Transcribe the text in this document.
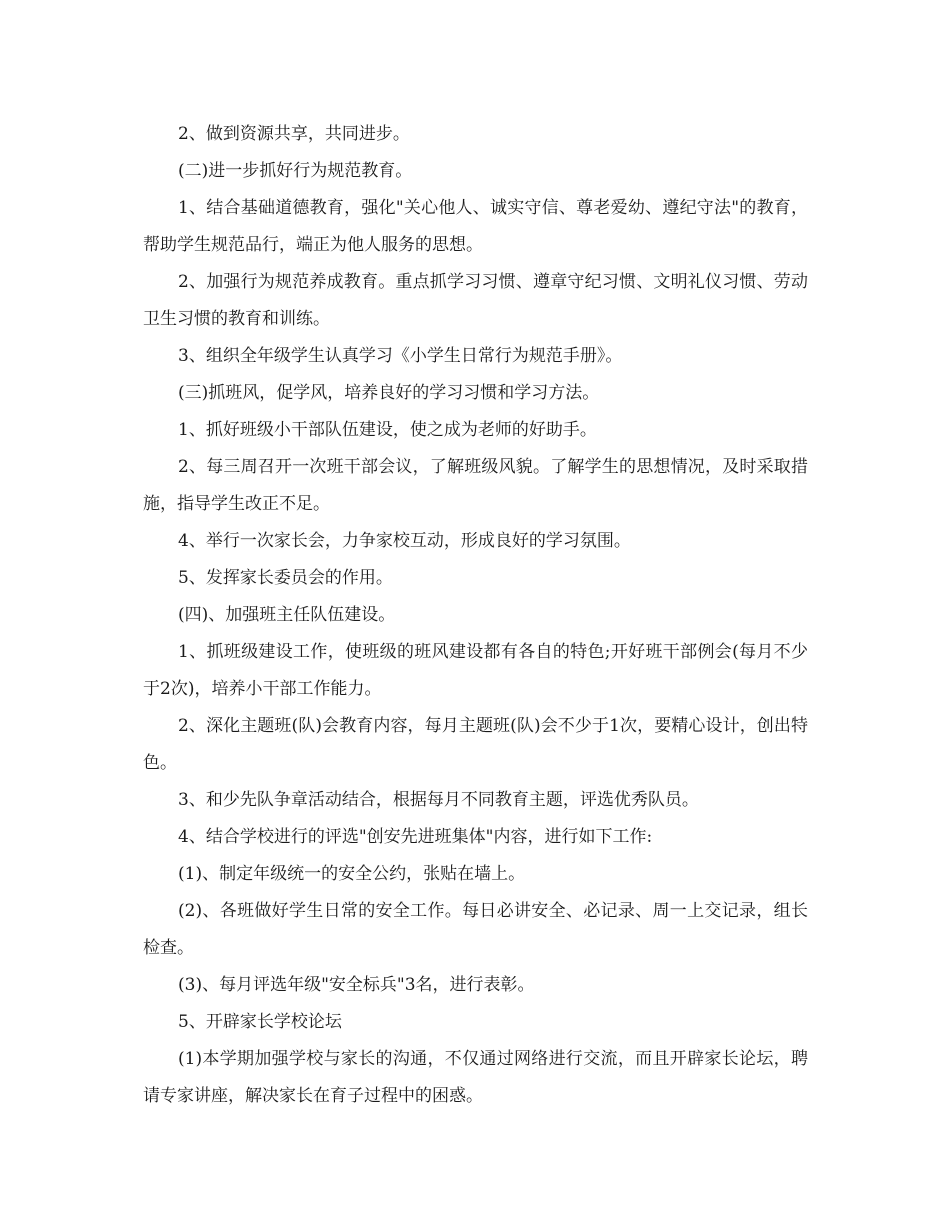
2、做到资源共享，共同进步。

(二)进一步抓好行为规范教育。

1、结合基础道德教育，强化"关心他人、诚实守信、尊老爱幼、遵纪守法"的教育，帮助学生规范品行，端正为他人服务的思想。

2、加强行为规范养成教育。重点抓学习习惯、遵章守纪习惯、文明礼仪习惯、劳动卫生习惯的教育和训练。

3、组织全年级学生认真学习《小学生日常行为规范手册》。

(三)抓班风，促学风，培养良好的学习习惯和学习方法。

1、抓好班级小干部队伍建设，使之成为老师的好助手。

2、每三周召开一次班干部会议，了解班级风貌。了解学生的思想情况，及时采取措施，指导学生改正不足。

4、举行一次家长会，力争家校互动，形成良好的学习氛围。

5、发挥家长委员会的作用。

(四)、加强班主任队伍建设。

1、抓班级建设工作，使班级的班风建设都有各自的特色;开好班干部例会(每月不少于2次)，培养小干部工作能力。

2、深化主题班(队)会教育内容，每月主题班(队)会不少于1次，要精心设计，创出特色。

3、和少先队争章活动结合，根据每月不同教育主题，评选优秀队员。

4、结合学校进行的评选"创安先进班集体"内容，进行如下工作:

(1)、制定年级统一的安全公约，张贴在墙上。

(2)、各班做好学生日常的安全工作。每日必讲安全、必记录、周一上交记录，组长检查。

(3)、每月评选年级"安全标兵"3名，进行表彰。

5、开辟家长学校论坛

(1)本学期加强学校与家长的沟通，不仅通过网络进行交流，而且开辟家长论坛，聘请专家讲座，解决家长在育子过程中的困惑。
